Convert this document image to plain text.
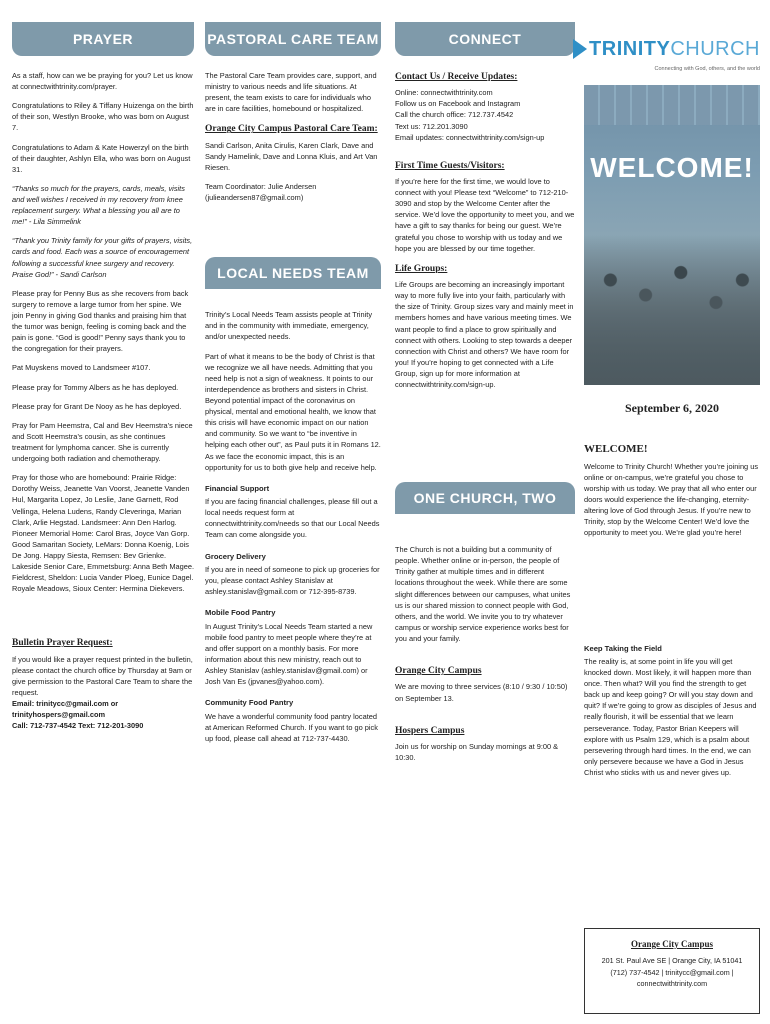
PRAYER

As a staff, how can we be praying for you? Let us know at connectwithtrinity.com/prayer.

Congratulations to Riley & Tiffany Huizenga on the birth of their son, Westlyn Brooke, who was born on August 7.

Congratulations to Adam & Kate Howerzyl on the birth of their daughter, Ashlyn Ella, who was born on August 31.

“Thanks so much for the prayers, cards, meals, visits and well wishes I received in my recovery from knee replacement surgery. What a blessing you all are to me!” - Lila Simmelink

“Thank you Trinity family for your gifts of prayers, visits, cards and food. Each was a source of encouragement following a successful knee surgery and recovery. Praise God!” - Sandi Carlson

Please pray for Penny Bus as she recovers from back surgery to remove a large tumor from her spine. We join Penny in giving God thanks and praising him that the tumor was benign, feeling is coming back and the pain is gone. “God is good!” Penny says thank you to the congregation for their prayers.

Pat Muyskens moved to Landsmeer #107.

Please pray for Tommy Albers as he has deployed.

Please pray for Grant De Nooy as he has deployed.

Pray for Pam Heemstra, Cal and Bev Heemstra’s niece and Scott Heemstra’s cousin, as she continues treatment for lymphoma cancer. She is currently undergoing both radiation and chemotherapy.

Pray for those who are homebound: Prairie Ridge: Dorothy Weiss, Jeanette Van Voorst, Jeanette Vanden Hul, Margarita Lopez, Jo Leslie, Jane Garnett, Rod Vellinga, Helena Ludens, Randy Cleveringa, Marian Clark, Arlie Hegstad. Landsmeer: Ann Den Harlog. Pioneer Memorial Home: Carol Bras, Joyce Van Gorp. Good Samaritan Society, LeMars: Donna Koenig, Lois De Jong. Happy Siesta, Remsen: Bev Grienke. Lakeside Senior Care, Emmetsburg: Anna Beth Magee. Fieldcrest, Sheldon: Lucia Vander Ploeg, Eunice Dagel. Royale Meadows, Sioux Center: Hermina Diekevers.

Bulletin Prayer Request:

If you would like a prayer request printed in the bulletin, please contact the church office by Thursday at 9am or give permission to the Pastoral Care Team to share the request.

Email: trinitycc@gmail.com or trinityhospers@gmail.com
Call: 712-737-4542 Text: 712-201-3090
PASTORAL CARE TEAM

The Pastoral Care Team provides care, support, and ministry to various needs and life situations. At present, the team exists to care for individuals who are in care facilities, homebound or hospitalized.

Orange City Campus Pastoral Care Team:

Sandi Carlson, Anita Cirulis, Karen Clark, Dave and Sandy Hamelink, Dave and Lonna Kluis, and Art Van Riesen.

Team Coordinator: Julie Andersen (julieandersen87@gmail.com)

LOCAL NEEDS TEAM

Trinity’s Local Needs Team assists people at Trinity and in the community with immediate, emergency, and/or unexpected needs.

Part of what it means to be the body of Christ is that we recognize we all have needs. Admitting that you need help is not a sign of weakness. It points to our interdependence as brothers and sisters in Christ. Beyond potential impact of the coronavirus on physical, mental and emotional health, we know that this crisis will have economic impact on our nation and community. So we want to “be inventive in helping each other out”, as Paul puts it in Romans 12. As we face the economic impact, this is an opportunity for us to both give help and receive help.

Financial Support

If you are facing financial challenges, please fill out a local needs request form at connectwithtrinity.com/needs so that our Local Needs Team can come alongside you.

Grocery Delivery

If you are in need of someone to pick up groceries for you, please contact Ashley Stanislav at ashley.stanislav@gmail.com or 712-395-8739.

Mobile Food Pantry

In August Trinity’s Local Needs Team started a new mobile food pantry to meet people where they’re at and offer support on a monthly basis. For more information about this new ministry, reach out to Ashley Stanislav (ashley.stanislav@gmail.com) or Josh Van Es (jpvanes@yahoo.com).

Community Food Pantry

We have a wonderful community food pantry located at American Reformed Church. If you want to go pick up food, please call ahead at 712-737-4430.

CONNECT
Contact Us / Receive Updates:
Online: connectwithtrinity.com
Follow us on Facebook and Instagram
Call the church office: 712.737.4542
Text us: 712.201.3090
Email updates: connectwithtrinity.com/sign-up
First Time Guests/Visitors:

If you’re here for the first time, we would love to connect with you! Please text “Welcome” to 712-210-3090 and stop by the Welcome Center after the service. We’d love the opportunity to meet you, and we have a gift to say thanks for being our guest. We’re grateful you chose to worship with us today and we hope you are blessed by our time together.

Life Groups:

Life Groups are becoming an increasingly important way to more fully live into your faith, particularly with the size of Trinity. Group sizes vary and mainly meet in members homes and have various meeting times. We want people to find a place to grow spiritually and connect with others. Looking to step towards a deeper connection with Christ and others? We have room for you! If you’re hoping to get connected with a Life Group, sign up for more information at connectwithtrinity.com/sign-up.

ONE CHURCH, TWO LOCATIONS

The Church is not a building but a community of people. Whether online or in-person, the people of Trinity gather at multiple times and in different locations throughout the week. While there are some slight differences between our campuses, what unites us is our shared mission to connect people with God, others, and the world. We invite you to try whatever campus or worship service experience works best for you and your family.

Orange City Campus

We are moving to three services (8:10 / 9:30 / 10:50) on September 13.

Hospers Campus

Join us for worship on Sunday mornings at 9:00 & 10:30.

TRINITYCHURCH
Connecting with God, others, and the world
WELCOME!
September 6, 2020
WELCOME!

Welcome to Trinity Church! Whether you’re joining us online or on-campus, we’re grateful you chose to worship with us today. We pray that all who enter our doors would experience the life-changing, eternity-altering love of God through Jesus. If you’re new to Trinity, stop by the Welcome Center! We’d love the opportunity to meet you. We’re glad you’re here!

Keep Taking the Field

The reality is, at some point in life you will get knocked down. Most likely, it will happen more than once. Then what? Will you find the strength to get back up and keep going? Or will you stay down and quit? If we’re going to grow as disciples of Jesus and really flourish, it will be essential that we learn perseverance. Today, Pastor Brian Keepers will explore with us Psalm 129, which is a psalm about persevering through hard times. In the end, we can only persevere because we have a God in Jesus Christ who sticks with us and never gives up.

Orange City Campus
201 St. Paul Ave SE | Orange City, IA 51041
(712) 737-4542 | trinitycc@gmail.com | connectwithtrinity.com
